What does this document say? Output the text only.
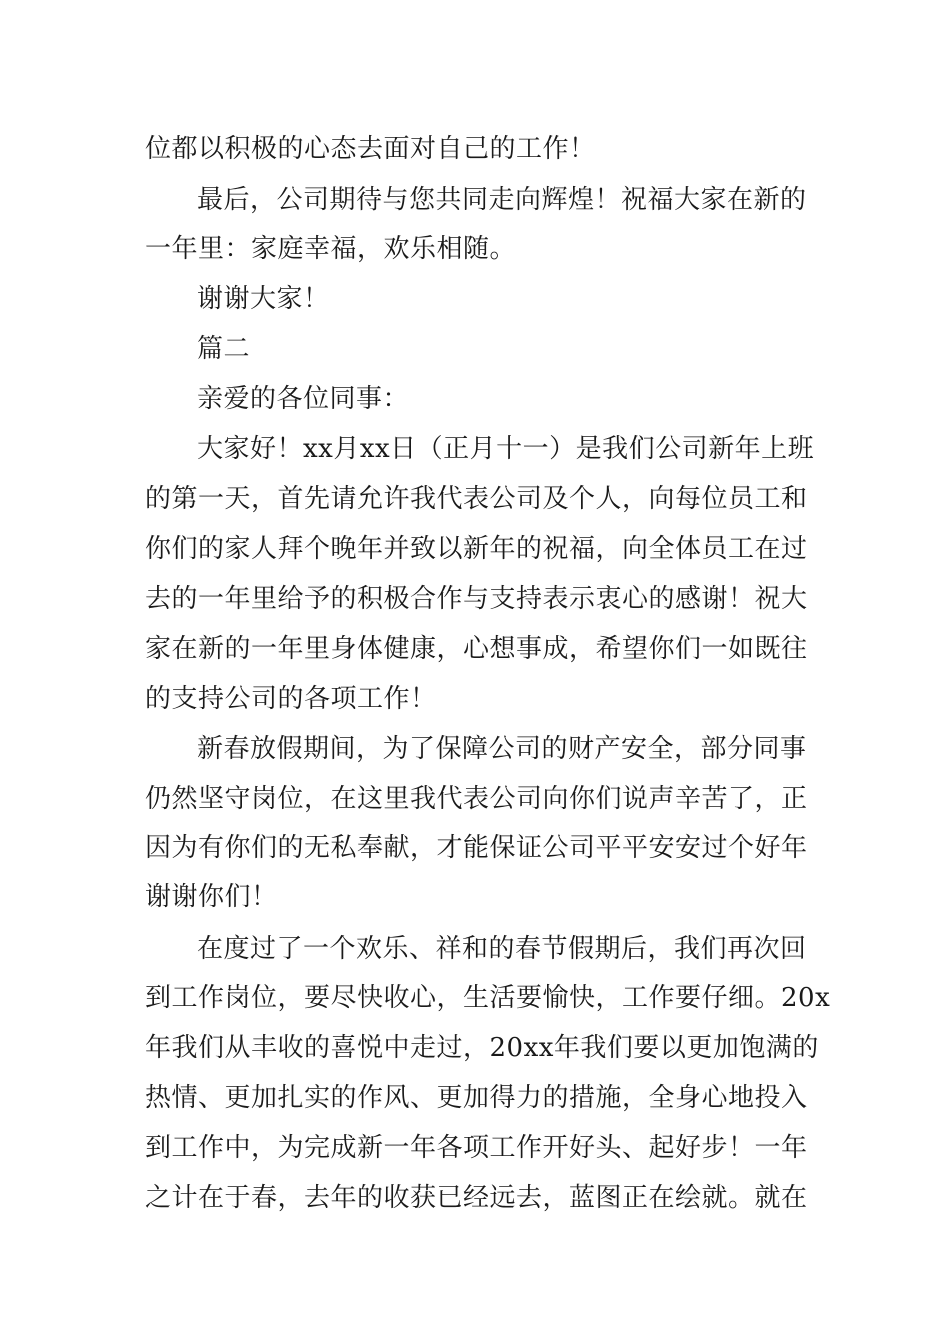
位都以积极的心态去面对自己的工作！
最后，公司期待与您共同走向辉煌！祝福大家在新的
一年里：家庭幸福，欢乐相随。
谢谢大家！
篇二
亲爱的各位同事：
大家好！xx月xx日（正月十一）是我们公司新年上班
的第一天，首先请允许我代表公司及个人，向每位员工和
你们的家人拜个晚年并致以新年的祝福，向全体员工在过
去的一年里给予的积极合作与支持表示衷心的感谢！祝大
家在新的一年里身体健康，心想事成，希望你们一如既往
的支持公司的各项工作！
新春放假期间，为了保障公司的财产安全，部分同事
仍然坚守岗位，在这里我代表公司向你们说声辛苦了，正
因为有你们的无私奉献，才能保证公司平平安安过个好年
谢谢你们！
在度过了一个欢乐、祥和的春节假期后，我们再次回
到工作岗位，要尽快收心，生活要愉快，工作要仔细。20x
年我们从丰收的喜悦中走过，20xx年我们要以更加饱满的
热情、更加扎实的作风、更加得力的措施，全身心地投入
到工作中，为完成新一年各项工作开好头、起好步！一年
之计在于春，去年的收获已经远去，蓝图正在绘就。就在
